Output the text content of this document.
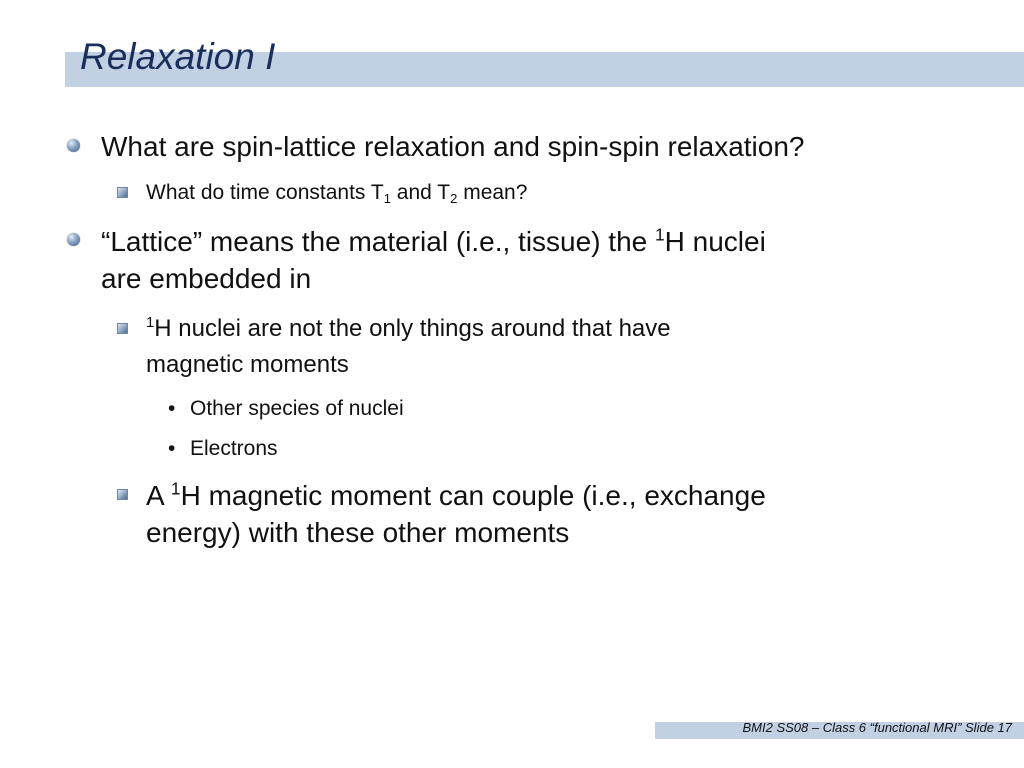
Relaxation I

What are spin-lattice relaxation and spin-spin relaxation?

What do time constants $T_1$ and $T_2$ mean?

“Lattice” means the material (i.e., tissue) the $^1$H nuclei
are embedded in

$^1$H nuclei are not the only things around that have
magnetic moments

• Other species of nuclei

• Electrons

A $^1$H magnetic moment can couple (i.e., exchange
energy) with these other moments

BMI2 SS08 – Class 6 “functional MRI” Slide 17
